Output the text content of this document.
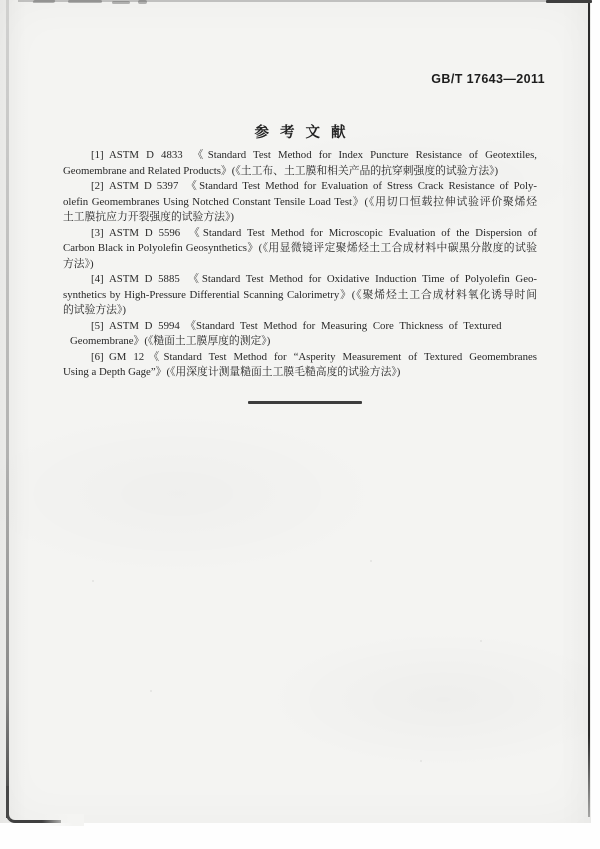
GB/T 17643—2011
参考文献
[1] ASTM D 4833 《Standard Test Method for Index Puncture Resistance of Geotextiles,
Geomembrane and Related Products》(《土工布、土工膜和相关产品的抗穿刺强度的试验方法》)
[2] ASTM D 5397 《Standard Test Method for Evaluation of Stress Crack Resistance of Poly-
olefin Geomembranes Using Notched Constant Tensile Load Test》(《用切口恒载拉伸试验评价聚烯烃
土工膜抗应力开裂强度的试验方法》)
[3] ASTM D 5596 《Standard Test Method for Microscopic Evaluation of the Dispersion of
Carbon Black in Polyolefin Geosynthetics》(《用显微镜评定聚烯烃土工合成材料中碳黑分散度的试验
方法》)
[4] ASTM D 5885 《Standard Test Method for Oxidative Induction Time of Polyolefin Geo-
synthetics by High-Pressure Differential Scanning Calorimetry》(《聚烯烃土工合成材料氧化诱导时间
的试验方法》)
[5] ASTM D 5994 《Standard Test Method for Measuring Core Thickness of Textured
Geomembrane》(《糙面土工膜厚度的测定》)
[6] GM 12《Standard Test Method for “Asperity Measurement of Textured Geomembranes
Using a Depth Gage”》(《用深度计测量糙面土工膜毛糙高度的试验方法》)
